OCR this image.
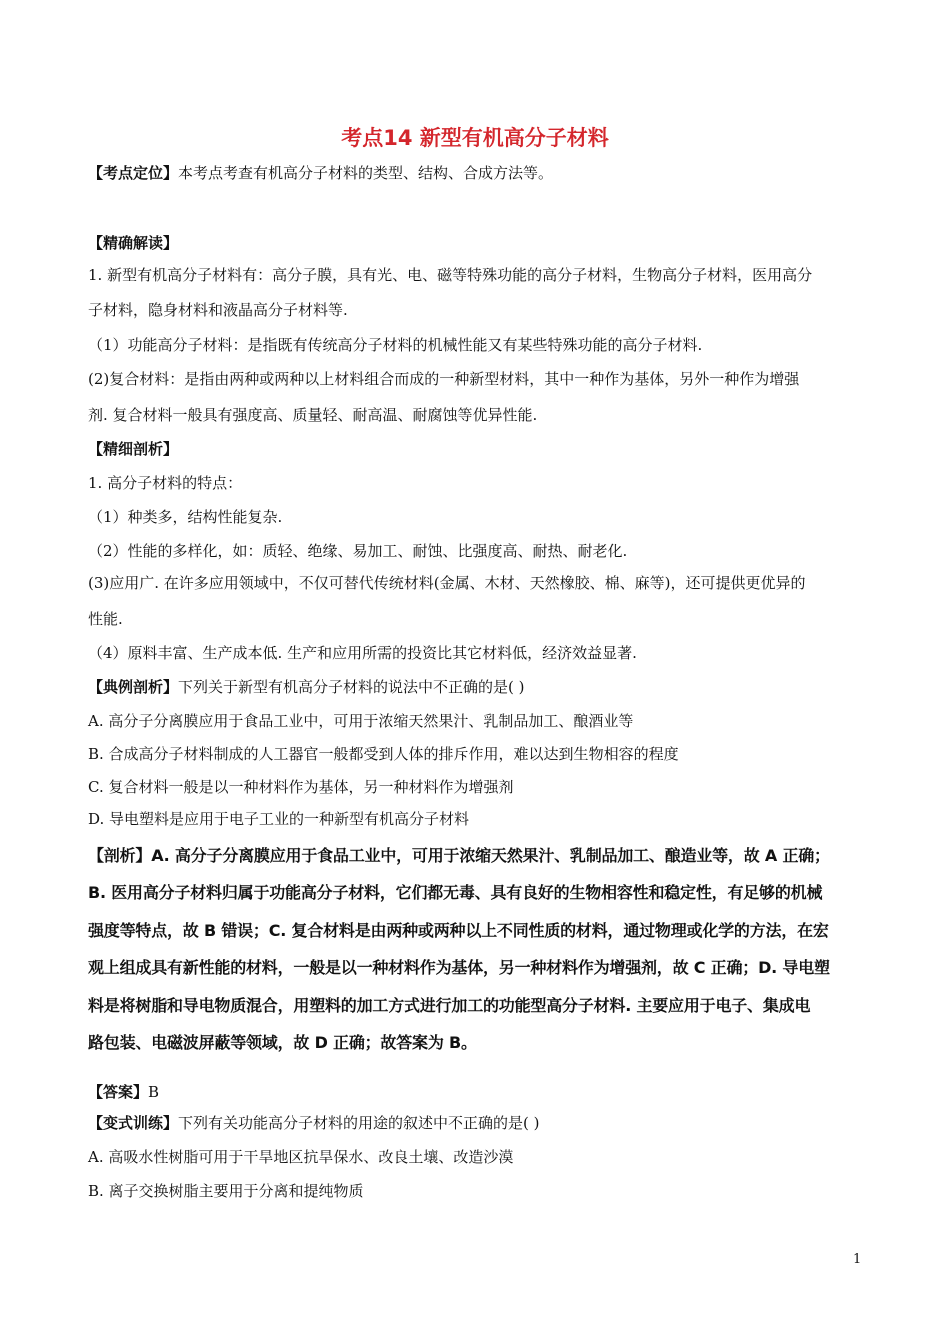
考点14 新型有机高分子材料
【考点定位】本考点考查有机高分子材料的类型、结构、合成方法等。
【精确解读】
1. 新型有机高分子材料有：高分子膜，具有光、电、磁等特殊功能的高分子材料，生物高分子材料，医用高分
子材料，隐身材料和液晶高分子材料等.
（1）功能高分子材料：是指既有传统高分子材料的机械性能又有某些特殊功能的高分子材料.
(2)复合材料：是指由两种或两种以上材料组合而成的一种新型材料，其中一种作为基体，另外一种作为增强
剂. 复合材料一般具有强度高、质量轻、耐高温、耐腐蚀等优异性能.
【精细剖析】
1. 高分子材料的特点：
（1）种类多，结构性能复杂.
（2）性能的多样化，如：质轻、绝缘、易加工、耐蚀、比强度高、耐热、耐老化.
(3)应用广. 在许多应用领域中，不仅可替代传统材料(金属、木材、天然橡胶、棉、麻等)，还可提供更优异的
性能.
（4）原料丰富、生产成本低. 生产和应用所需的投资比其它材料低，经济效益显著.
【典例剖析】下列关于新型有机高分子材料的说法中不正确的是( )
A. 高分子分离膜应用于食品工业中，可用于浓缩天然果汁、乳制品加工、酿酒业等
B. 合成高分子材料制成的人工器官一般都受到人体的排斥作用，难以达到生物相容的程度
C. 复合材料一般是以一种材料作为基体，另一种材料作为增强剂
D. 导电塑料是应用于电子工业的一种新型有机高分子材料
【剖析】A. 高分子分离膜应用于食品工业中，可用于浓缩天然果汁、乳制品加工、酿造业等，故 A 正确；
B. 医用高分子材料归属于功能高分子材料，它们都无毒、具有良好的生物相容性和稳定性，有足够的机械
强度等特点，故 B 错误；C. 复合材料是由两种或两种以上不同性质的材料，通过物理或化学的方法，在宏
观上组成具有新性能的材料，一般是以一种材料作为基体，另一种材料作为增强剂，故 C 正确；D. 导电塑
料是将树脂和导电物质混合，用塑料的加工方式进行加工的功能型高分子材料. 主要应用于电子、集成电
路包装、电磁波屏蔽等领域，故 D 正确；故答案为 B。
【答案】B
【变式训练】下列有关功能高分子材料的用途的叙述中不正确的是( )
A. 高吸水性树脂可用于干旱地区抗旱保水、改良土壤、改造沙漠
B. 离子交换树脂主要用于分离和提纯物质
1
